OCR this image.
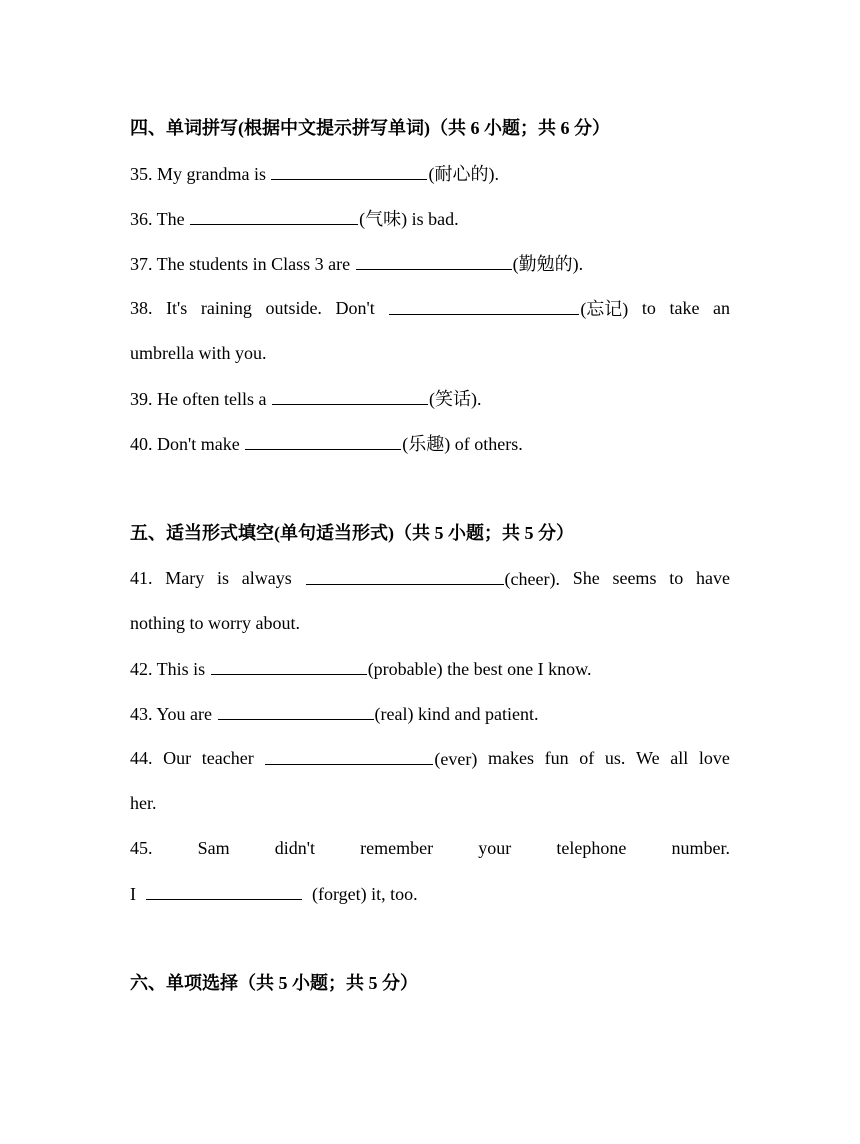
四、单词拼写(根据中文提示拼写单词)（共 6 小题；共 6 分）
35. My grandma is	(耐心的).
36. The	(气味) is bad.
37. The students in Class 3 are	(勤勉的).
38. It's raining outside. Don't	(忘记) to take an
umbrella with you.
39. He often tells a	(笑话).
40. Don't make	(乐趣) of others.
五、适当形式填空(单句适当形式)（共 5 小题；共 5 分）
41. Mary is always	(cheer). She seems to have
nothing to worry about.
42. This is	(probable) the best one I know.
43. You are	(real) kind and patient.
44. Our teacher	(ever) makes fun of us. We all love
her.
45.	Sam	didn't	remember	your	telephone	number.
I	(forget) it, too.
六、单项选择（共 5 小题；共 5 分）
